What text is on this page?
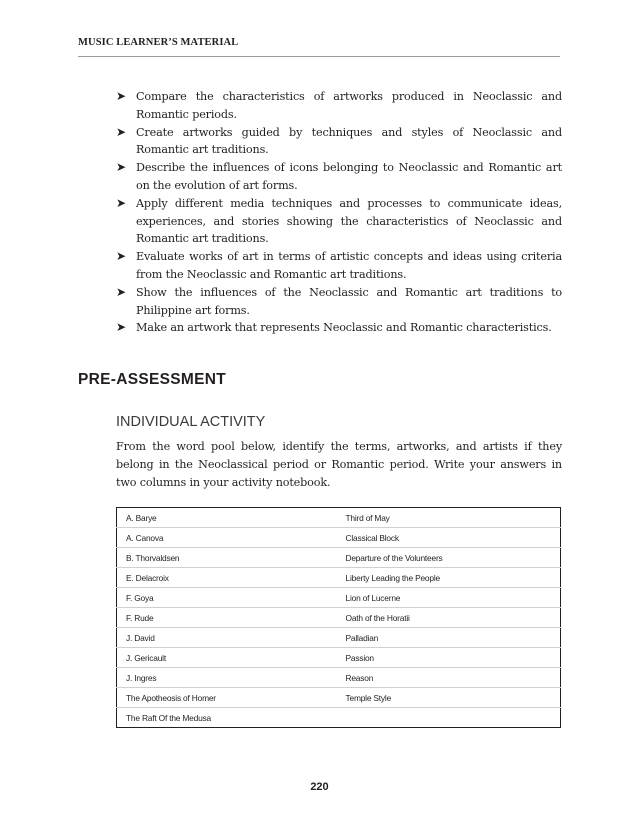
MUSIC LEARNER’S MATERIAL
➤ Compare the characteristics of artworks produced in Neoclassic and Romantic periods.
➤ Create artworks guided by techniques and styles of Neoclassic and Romantic art traditions.
➤ Describe the influences of icons belonging to Neoclassic and Romantic art on the evolution of art forms.
➤ Apply different media techniques and processes to communicate ideas, experiences, and stories showing the characteristics of Neoclassic and Romantic art traditions.
➤ Evaluate works of art in terms of artistic concepts and ideas using criteria from the Neoclassic and Romantic art traditions.
➤ Show the influences of the Neoclassic and Romantic art traditions to Philippine art forms.
➤ Make an artwork that represents Neoclassic and Romantic characteristics.
PRE-ASSESSMENT
INDIVIDUAL ACTIVITY
From the word pool below, identify the terms, artworks, and artists if they belong in the Neoclassical period or Romantic period. Write your answers in two columns in your activity notebook.
A. Barye	Third of May
A. Canova	Classical Block
B. Thorvaldsen	Departure of the Volunteers
E. Delacroix	Liberty Leading the People
F. Goya	Lion of Lucerne
F. Rude	Oath of the Horatii
J. David	Palladian
J. Gericault	Passion
J. Ingres	Reason
The Apotheosis of Homer	Temple Style
The Raft Of the Medusa	
220
